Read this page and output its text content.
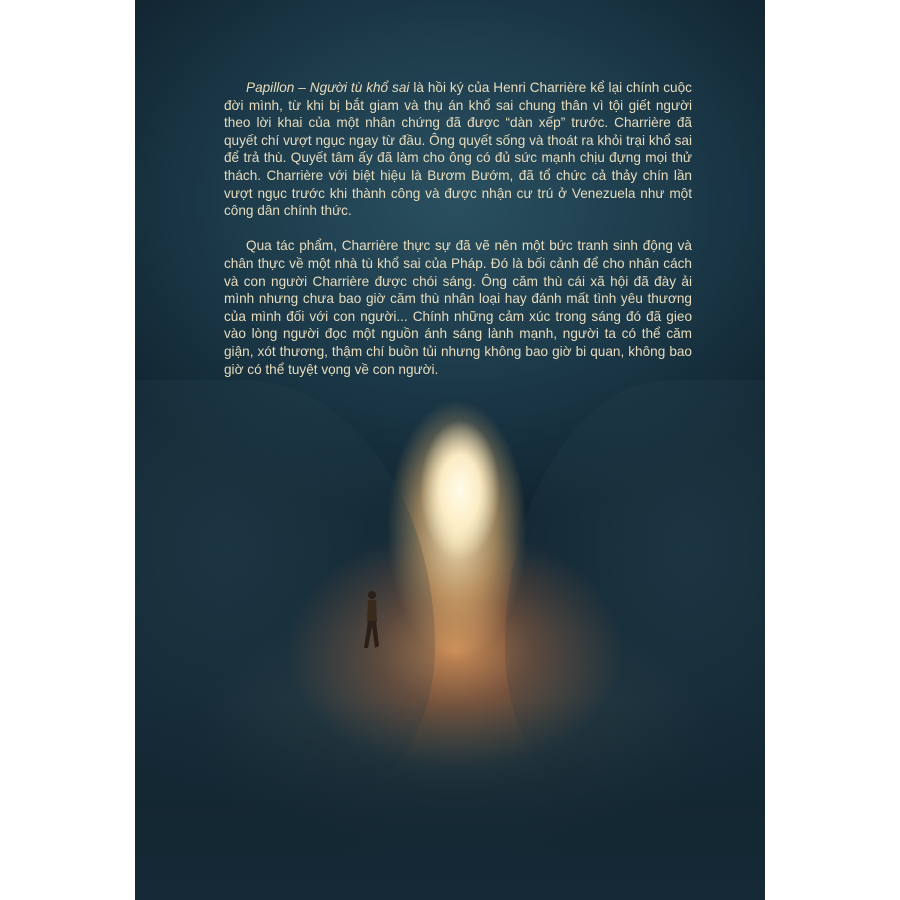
Papillon – Người tù khổ sai là hồi ký của Henri Charrière kể lại chính cuộc đời mình, từ khi bị bắt giam và thụ án khổ sai chung thân vì tội giết người theo lời khai của một nhân chứng đã được “dàn xếp” trước. Charrière đã quyết chí vượt ngục ngay từ đầu. Ông quyết sống và thoát ra khỏi trại khổ sai để trả thù. Quyết tâm ấy đã làm cho ông có đủ sức mạnh chịu đựng mọi thử thách. Charrière với biệt hiệu là Bươm Bướm, đã tổ chức cả thảy chín lần vượt ngục trước khi thành công và được nhận cư trú ở Venezuela như một công dân chính thức.

Qua tác phẩm, Charrière thực sự đã vẽ nên một bức tranh sinh động và chân thực về một nhà tù khổ sai của Pháp. Đó là bối cảnh để cho nhân cách và con người Charrière được chói sáng. Ông căm thù cái xã hội đã đày ải mình nhưng chưa bao giờ căm thù nhân loại hay đánh mất tình yêu thương của mình đối với con người... Chính những cảm xúc trong sáng đó đã gieo vào lòng người đọc một nguồn ánh sáng lành mạnh, người ta có thể căm giận, xót thương, thậm chí buồn tủi nhưng không bao giờ bi quan, không bao giờ có thể tuyệt vọng về con người.
